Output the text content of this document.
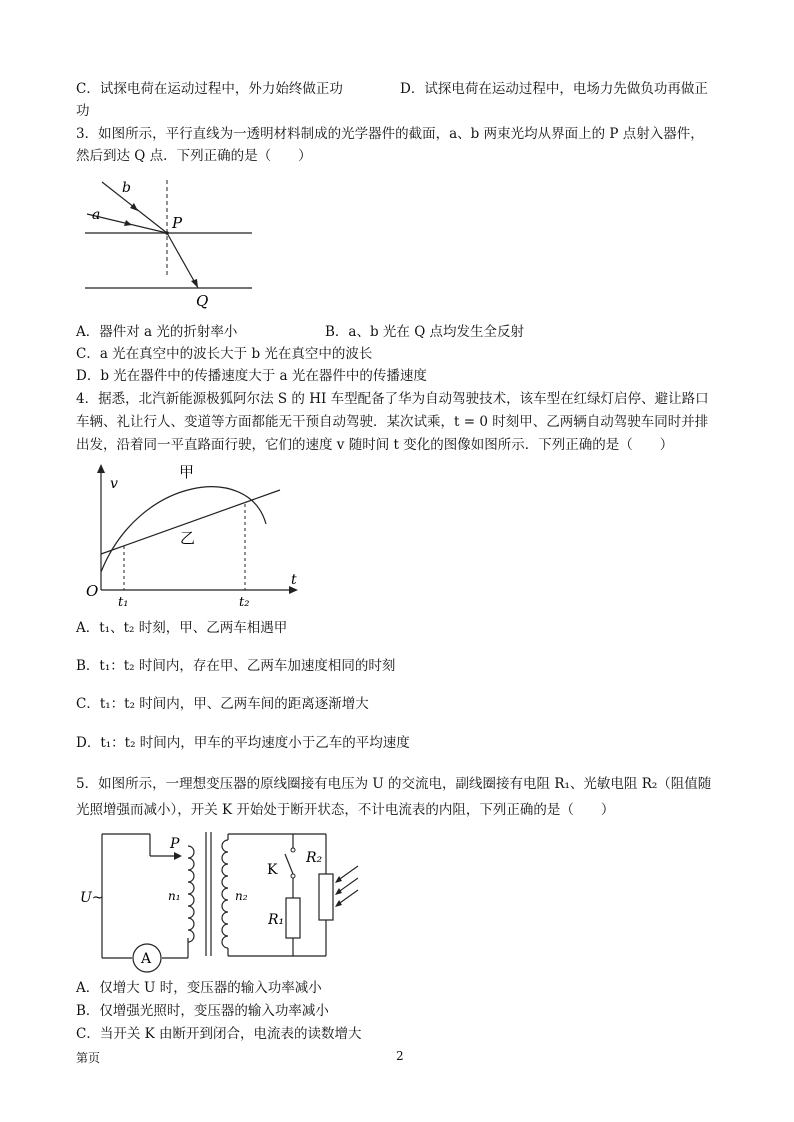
C．试探电荷在运动过程中，外力始终做正功	D．试探电荷在运动过程中，电场力先做负功再做正
功
3．如图所示，平行直线为一透明材料制成的光学器件的截面，a、b 两束光均从界面上的 P 点射入器件，
然后到达 Q 点．下列正确的是（　　）
b
a	P
Q
A．器件对 a 光的折射率小	B．a、b 光在 Q 点均发生全反射
C．a 光在真空中的波长大于 b 光在真空中的波长
D．b 光在器件中的传播速度大于 a 光在器件中的传播速度
4．据悉，北汽新能源极狐阿尔法 S 的 HI 车型配备了华为自动驾驶技术，该车型在红绿灯启停、避让路口
车辆、礼让行人、变道等方面都能无干预自动驾驶．某次试乘，t = 0 时刻甲、乙两辆自动驾驶车同时并排
出发，沿着同一平直路面行驶，它们的速度 v 随时间 t 变化的图像如图所示．下列正确的是（　　）
v
t
O
t₁	t₂
甲
乙
A．t₁、t₂ 时刻，甲、乙两车相遇甲
B．t₁：t₂ 时间内，存在甲、乙两车加速度相同的时刻
C．t₁：t₂ 时间内，甲、乙两车间的距离逐渐增大
D．t₁：t₂ 时间内，甲车的平均速度小于乙车的平均速度
5．如图所示，一理想变压器的原线圈接有电压为 U 的交流电，副线圈接有电阻 R₁、光敏电阻 R₂（阻值随
光照增强而减小），开关 K 开始处于断开状态，不计电流表的内阻，下列正确的是（　　）
A
U~
P
n₁	n₂
K
R₁
R₂
A．仅增大 U 时，变压器的输入功率减小
B．仅增强光照时，变压器的输入功率减小
C．当开关 K 由断开到闭合，电流表的读数增大
第页	2
